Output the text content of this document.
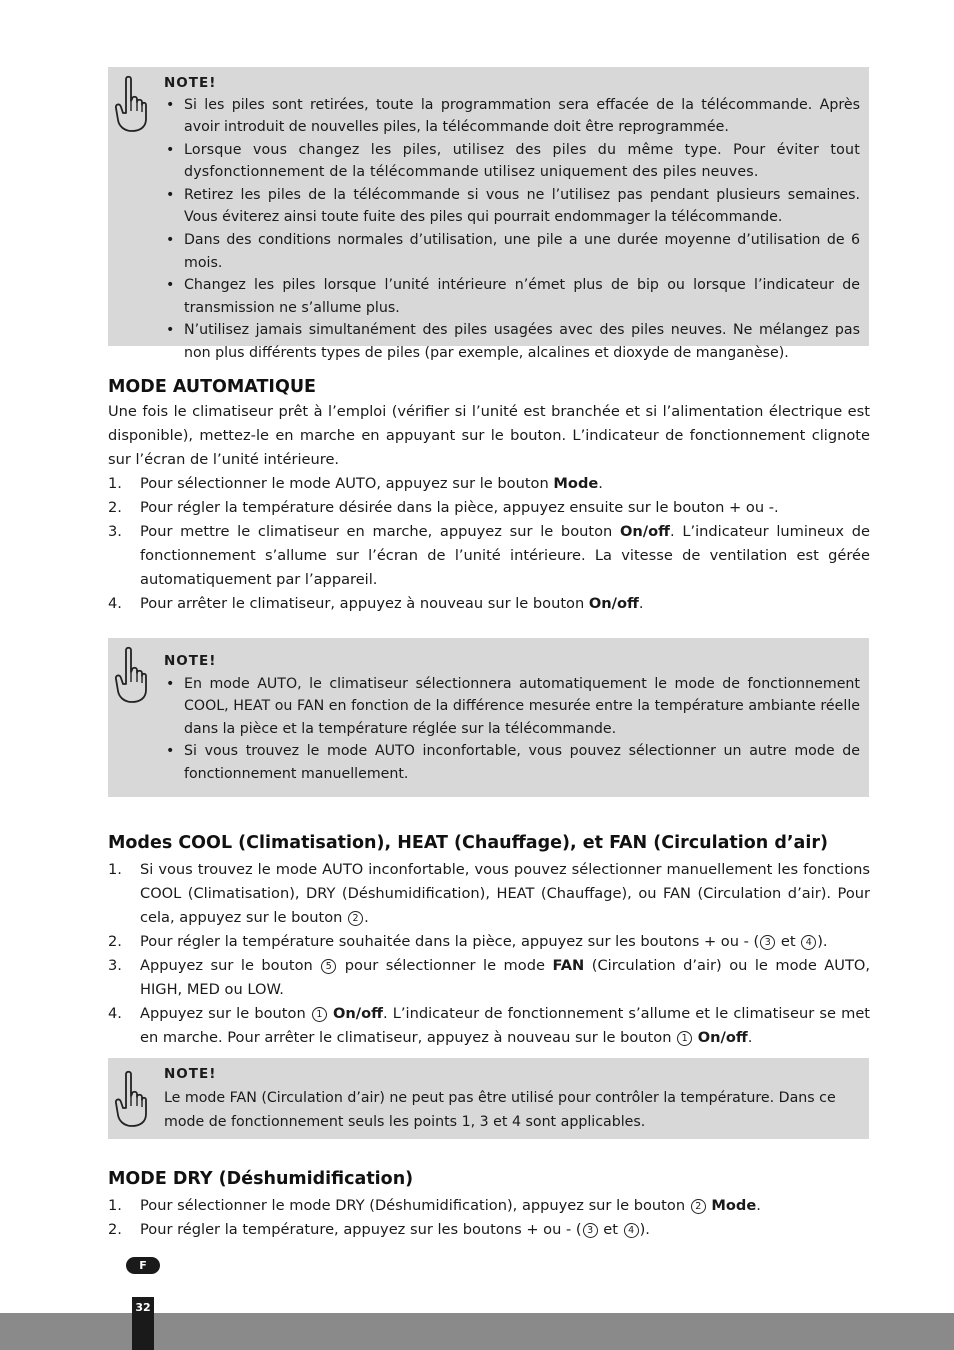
NOTE!
• Si les piles sont retirées, toute la programmation sera effacée de la télécommande. Après avoir introduit de nouvelles piles, la télécommande doit être reprogrammée.
• Lorsque vous changez les piles, utilisez des piles du même type. Pour éviter tout dysfonctionnement de la télécommande utilisez uniquement des piles neuves.
• Retirez les piles de la télécommande si vous ne l’utilisez pas pendant plusieurs semaines. Vous éviterez ainsi toute fuite des piles qui pourrait endommager la télécommande.
• Dans des conditions normales d’utilisation, une pile a une durée moyenne d’utilisation de 6 mois.
• Changez les piles lorsque l’unité intérieure n’émet plus de bip ou lorsque l’indicateur de transmission ne s’allume plus.
• N’utilisez jamais simultanément des piles usagées avec des piles neuves. Ne mélangez pas non plus différents types de piles (par exemple, alcalines et dioxyde de manganèse).
MODE AUTOMATIQUE

Une fois le climatiseur prêt à l’emploi (vérifier si l’unité est branchée et si l’alimentation électrique est disponible), mettez-le en marche en appuyant sur le bouton. L’indicateur de fonctionnement clignote sur l’écran de l’unité intérieure.

1. Pour sélectionner le mode AUTO, appuyez sur le bouton Mode.
2. Pour régler la température désirée dans la pièce, appuyez ensuite sur le bouton + ou -.
3. Pour mettre le climatiseur en marche, appuyez sur le bouton On/off. L’indicateur lumineux de fonctionnement s’allume sur l’écran de l’unité intérieure. La vitesse de ventilation est gérée automatiquement par l’appareil.
4. Pour arrêter le climatiseur, appuyez à nouveau sur le bouton On/off.
NOTE!
• En mode AUTO, le climatiseur sélectionnera automatiquement le mode de fonctionnement COOL, HEAT ou FAN en fonction de la différence mesurée entre la température ambiante réelle dans la pièce et la température réglée sur la télécommande.
• Si vous trouvez le mode AUTO inconfortable, vous pouvez sélectionner un autre mode de fonctionnement manuellement.
Modes COOL (Climatisation), HEAT (Chauffage), et FAN (Circulation d’air)
1. Si vous trouvez le mode AUTO inconfortable, vous pouvez sélectionner manuellement les fonctions COOL (Climatisation), DRY (Déshumidification), HEAT (Chauffage), ou FAN (Circulation d’air). Pour cela, appuyez sur le bouton 2 .
2. Pour régler la température souhaitée dans la pièce, appuyez sur les boutons + ou - ( 3 et 4 ).
3. Appuyez sur le bouton 5 pour sélectionner le mode FAN (Circulation d’air) ou le mode AUTO, HIGH, MED ou LOW.
4. Appuyez sur le bouton 1 On/off. L’indicateur de fonctionnement s’allume et le climatiseur se met en marche. Pour arrêter le climatiseur, appuyez à nouveau sur le bouton 1 On/off.
NOTE!
Le mode FAN (Circulation d’air) ne peut pas être utilisé pour contrôler la température. Dans ce mode de fonctionnement seuls les points 1, 3 et 4 sont applicables.
MODE DRY (Déshumidification)
1. Pour sélectionner le mode DRY (Déshumidification), appuyez sur le bouton 2 Mode.
2. Pour régler la température, appuyez sur les boutons + ou - ( 3 et 4 ).
F
32
